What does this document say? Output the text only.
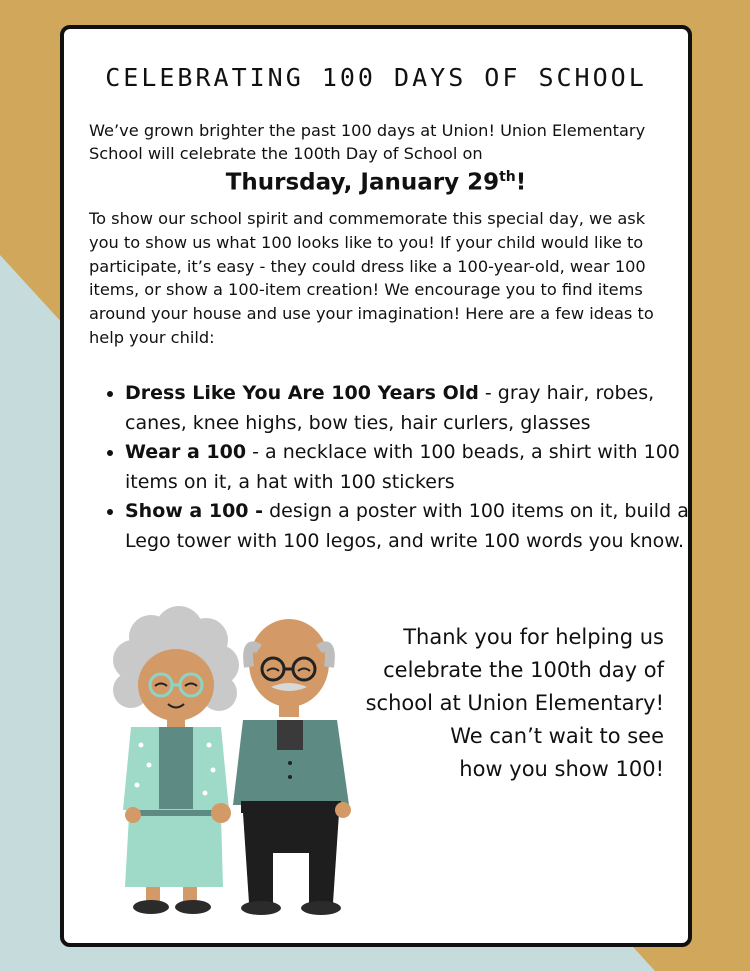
CELEBRATING 100 DAYS OF SCHOOL
We’ve grown brighter the past 100 days at Union! Union Elementary School will celebrate the 100th Day of School on
Thursday, January 29th!
To show our school spirit and commemorate this special day, we ask you to show us what 100 looks like to you! If your child would like to participate, it’s easy - they could dress like a 100-year-old, wear 100 items, or show a 100-item creation! We encourage you to find items around your house and use your imagination! Here are a few ideas to help your child:
• Dress Like You Are 100 Years Old - gray hair, robes, canes, knee highs, bow ties, hair curlers, glasses
• Wear a 100 - a necklace with 100 beads, a shirt with 100 items on it, a hat with 100 stickers
• Show a 100 - design a poster with 100 items on it, build a Lego tower with 100 legos, and write 100 words you know.
Thank you for helping us
celebrate the 100th day of
school at Union Elementary!
We can’t wait to see
how you show 100!
